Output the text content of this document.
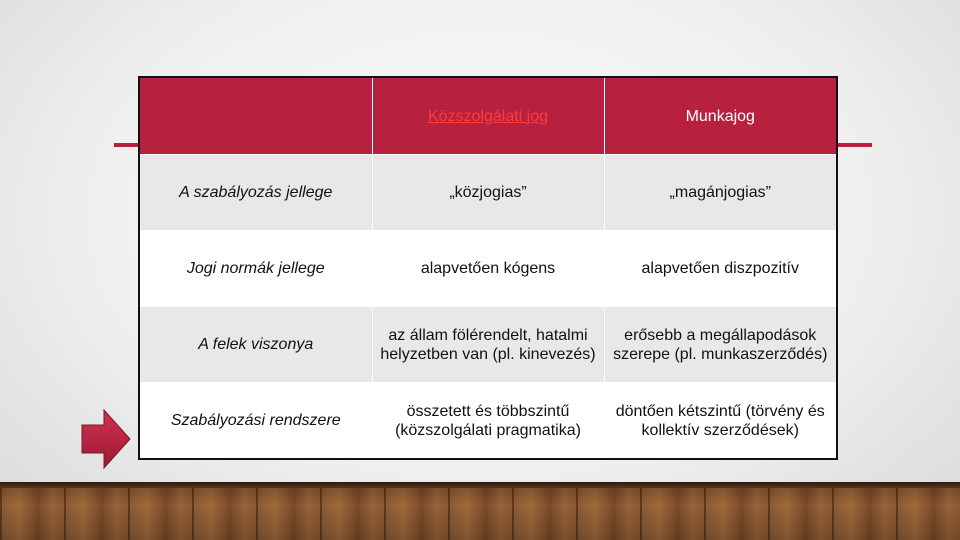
	Közszolgálati jog	Munkajog
A szabályozás jellege	„közjogias”	„magánjogias”
Jogi normák jellege	alapvetően kógens	alapvetően diszpozitív
A felek viszonya	az állam fölérendelt, hatalmi helyzetben van (pl. kinevezés)	erősebb a megállapodások szerepe (pl. munkaszerződés)
Szabályozási rendszere	összetett és többszintű (közszolgálati pragmatika)	döntően kétszintű (törvény és kollektív szerződések)
